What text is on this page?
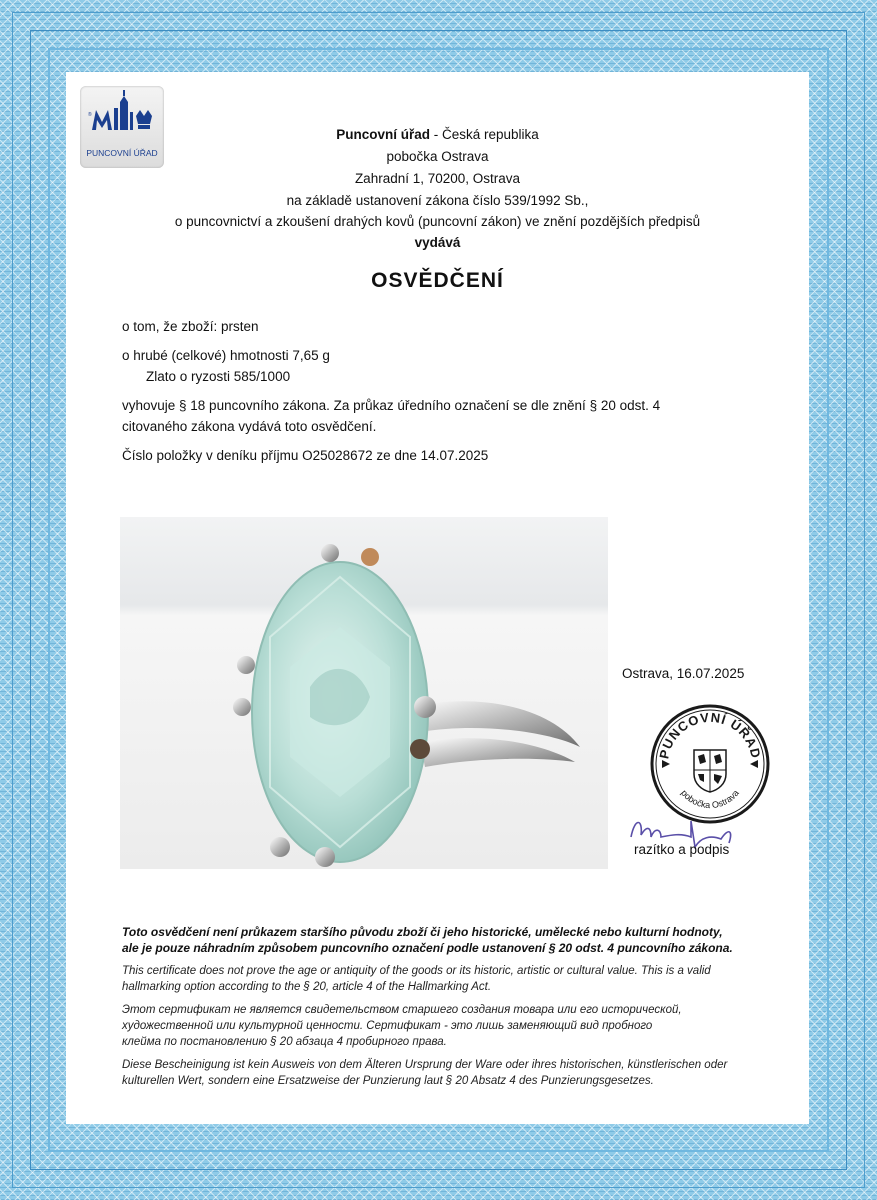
®
PUNCOVNÍ ÚŘAD
Puncovní úřad - Česká republika
pobočka Ostrava
Zahradní 1, 70200, Ostrava
na základě ustanovení zákona číslo 539/1992 Sb.,
o puncovnictví a zkoušení drahých kovů (puncovní zákon) ve znění pozdějších předpisů
vydává
OSVĚDČENÍ
o tom, že zboží: prsten
o hrubé (celkové) hmotnosti 7,65 g
Zlato o ryzosti 585/1000
vyhovuje § 18 puncovního zákona. Za průkaz úředního označení se dle znění § 20 odst. 4
citovaného zákona vydává toto osvědčení.
Číslo položky v deníku příjmu O25028672 ze dne 14.07.2025
Ostrava, 16.07.2025
PUNCOVNÍ ÚŘAD
pobočka Ostrava
razítko a podpis
Toto osvědčení není průkazem staršího původu zboží či jeho historické, umělecké nebo kulturní hodnoty,
ale je pouze náhradním způsobem puncovního označení podle ustanovení § 20 odst. 4 puncovního zákona.
This certificate does not prove the age or antiquity of the goods or its historic, artistic or cultural value. This is a valid
hallmarking option according to the § 20, article 4 of the Hallmarking Act.
Этот сертификат не является свидетельством старшего создания товара или его исторической,
художественной или культурной ценности. Сертификат - это лишь заменяющий вид пробного
клейма по постановлению § 20 абзаца 4 пробирного права.
Diese Bescheinigung ist kein Ausweis von dem Älteren Ursprung der Ware oder ihres historischen, künstlerischen oder
kulturellen Wert, sondern eine Ersatzweise der Punzierung laut § 20 Absatz 4 des Punzierungsgesetzes.
